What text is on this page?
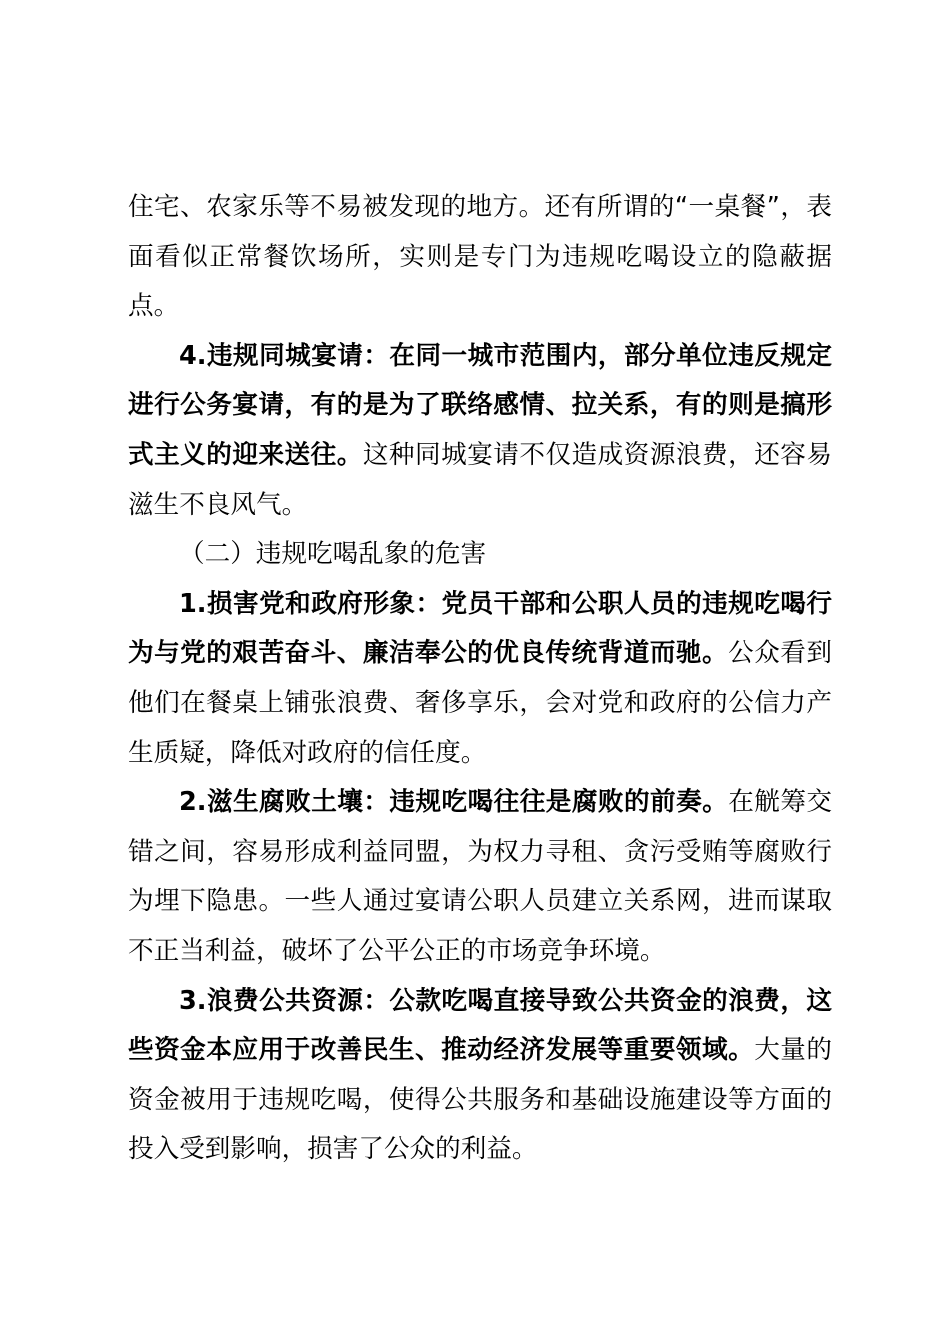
住宅、农家乐等不易被发现的地方。还有所谓的“一桌餐”，表面看似正常餐饮场所，实则是专门为违规吃喝设立的隐蔽据点。

4.违规同城宴请：在同一城市范围内，部分单位违反规定进行公务宴请，有的是为了联络感情、拉关系，有的则是搞形式主义的迎来送往。这种同城宴请不仅造成资源浪费，还容易滋生不良风气。

（二）违规吃喝乱象的危害

1.损害党和政府形象：党员干部和公职人员的违规吃喝行为与党的艰苦奋斗、廉洁奉公的优良传统背道而驰。公众看到他们在餐桌上铺张浪费、奢侈享乐，会对党和政府的公信力产生质疑，降低对政府的信任度。

2.滋生腐败土壤：违规吃喝往往是腐败的前奏。在觥筹交错之间，容易形成利益同盟，为权力寻租、贪污受贿等腐败行为埋下隐患。一些人通过宴请公职人员建立关系网，进而谋取不正当利益，破坏了公平公正的市场竞争环境。

3.浪费公共资源：公款吃喝直接导致公共资金的浪费，这些资金本应用于改善民生、推动经济发展等重要领域。大量的资金被用于违规吃喝，使得公共服务和基础设施建设等方面的投入受到影响，损害了公众的利益。
